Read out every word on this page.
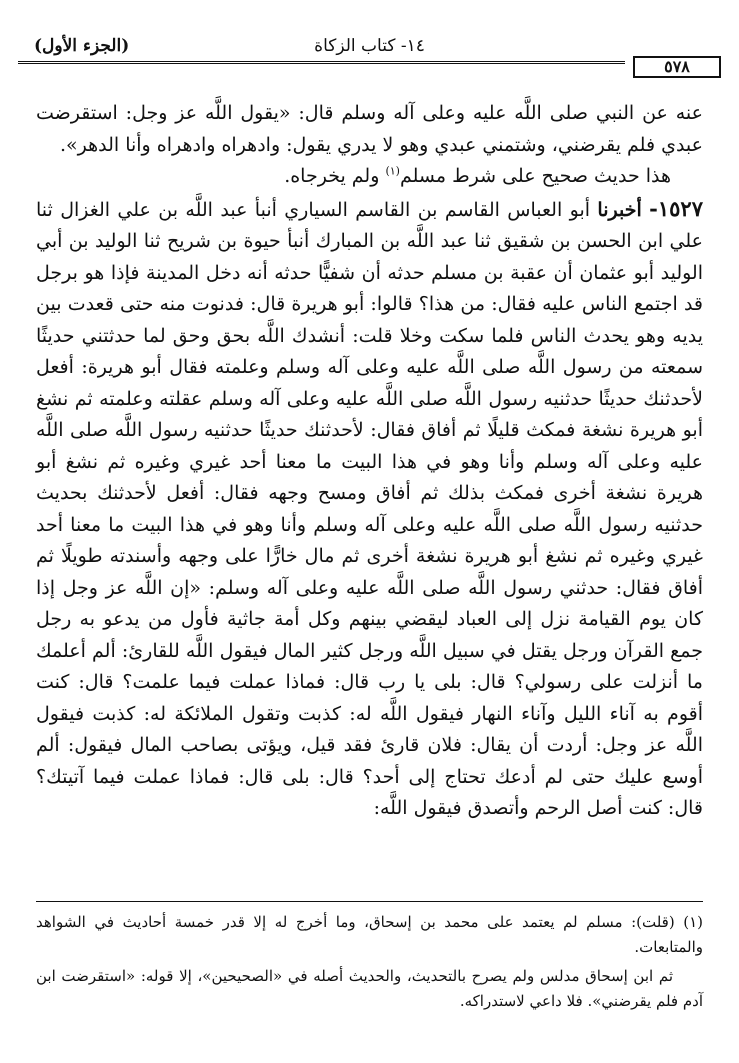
(الجزء الأول)	١٤- كتاب الزكاة
٥٧٨

عنه عن النبي صلى اللَّه عليه وعلى آله وسلم قال: «يقول اللَّه عز وجل: استقرضت عبدي فلم يقرضني، وشتمني عبدي وهو لا يدري يقول: وادهراه وادهراه وأنا الدهر».

هذا حديث صحيح على شرط مسلم$^{(١)}$ ولم يخرجاه.

١٥٢٧- أخبرنا أبو العباس القاسم بن القاسم السياري أنبأ عبد اللَّه بن علي الغزال ثنا علي ابن الحسن بن شقيق ثنا عبد اللَّه بن المبارك أنبأ حيوة بن شريح ثنا الوليد بن أبي الوليد أبو عثمان أن عقبة بن مسلم حدثه أن شفيًّا حدثه أنه دخل المدينة فإذا هو برجل قد اجتمع الناس عليه فقال: من هذا؟ قالوا: أبو هريرة قال: فدنوت منه حتى قعدت بين يديه وهو يحدث الناس فلما سكت وخلا قلت: أنشدك اللَّه بحق وحق لما حدثتني حديثًا سمعته من رسول اللَّه صلى اللَّه عليه وعلى آله وسلم وعلمته فقال أبو هريرة: أفعل لأحدثنك حديثًا حدثنيه رسول اللَّه صلى اللَّه عليه وعلى آله وسلم عقلته وعلمته ثم نشغ أبو هريرة نشغة فمكث قليلًا ثم أفاق فقال: لأحدثنك حديثًا حدثنيه رسول اللَّه صلى اللَّه عليه وعلى آله وسلم وأنا وهو في هذا البيت ما معنا أحد غيري وغيره ثم نشغ أبو هريرة نشغة أخرى فمكث بذلك ثم أفاق ومسح وجهه فقال: أفعل لأحدثنك بحديث حدثنيه رسول اللَّه صلى اللَّه عليه وعلى آله وسلم وأنا وهو في هذا البيت ما معنا أحد غيري وغيره ثم نشغ أبو هريرة نشغة أخرى ثم مال خارًّا على وجهه وأسندته طويلًا ثم أفاق فقال: حدثني رسول اللَّه صلى اللَّه عليه وعلى آله وسلم: «إن اللَّه عز وجل إذا كان يوم القيامة نزل إلى العباد ليقضي بينهم وكل أمة جاثية فأول من يدعو به رجل جمع القرآن ورجل يقتل في سبيل اللَّه ورجل كثير المال فيقول اللَّه للقارئ: ألم أعلمك ما أنزلت على رسولي؟ قال: بلى يا رب قال: فماذا عملت فيما علمت؟ قال: كنت أقوم به آناء الليل وآناء النهار فيقول اللَّه له: كذبت وتقول الملائكة له: كذبت فيقول اللَّه عز وجل: أردت أن يقال: فلان قارئ فقد قيل، ويؤتى بصاحب المال فيقول: ألم أوسع عليك حتى لم أدعك تحتاج إلى أحد؟ قال: بلى قال: فماذا عملت فيما آتيتك؟ قال: كنت أصل الرحم وأتصدق فيقول اللَّه:

(١) (قلت): مسلم لم يعتمد على محمد بن إسحاق، وما أخرج له إلا قدر خمسة أحاديث في الشواهد والمتابعات.

ثم ابن إسحاق مدلس ولم يصرح بالتحديث، والحديث أصله في «الصحيحين»، إلا قوله: «استقرضت ابن آدم فلم يقرضني». فلا داعي لاستدراكه.
